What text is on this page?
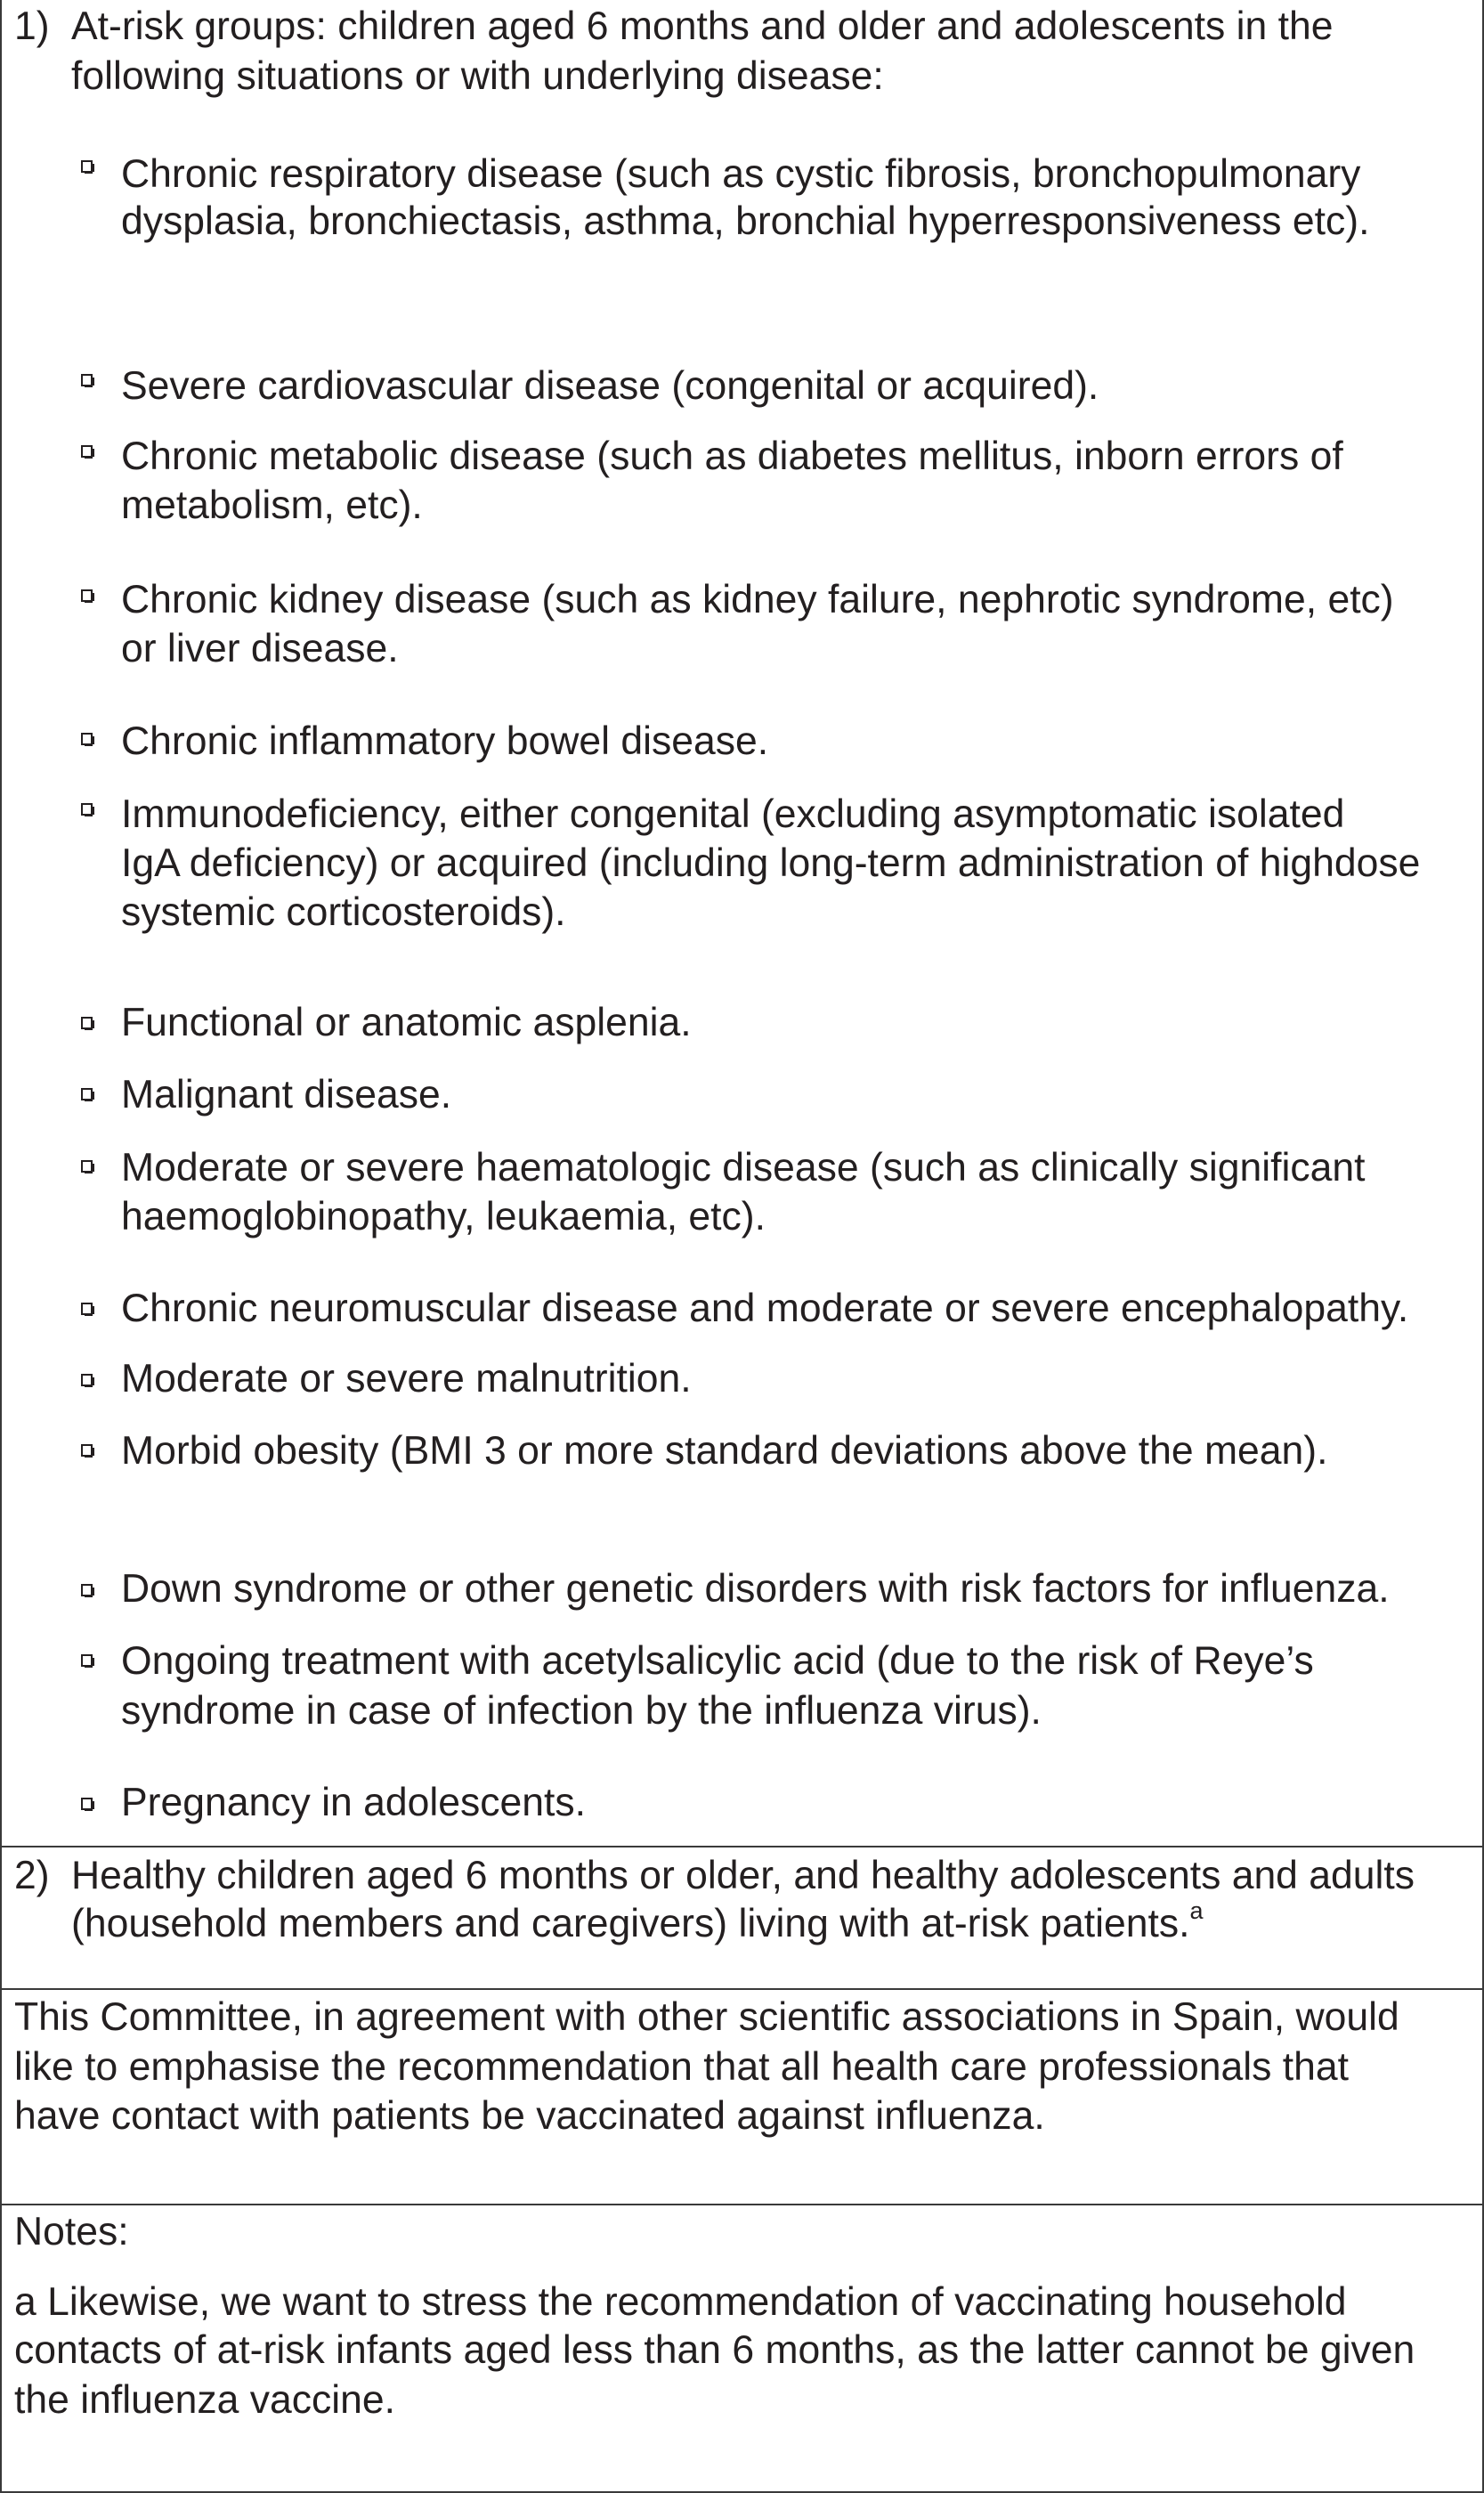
1) At-risk groups: children aged 6 months and older and adolescents in the

following situations or with underlying disease:

Chronic respiratory disease (such as cystic fibrosis, bronchopulmonary

dysplasia, bronchiectasis, asthma, bronchial hyperresponsiveness etc).

Severe cardiovascular disease (congenital or acquired).

Chronic metabolic disease (such as diabetes mellitus, inborn errors of

metabolism, etc).

Chronic kidney disease (such as kidney failure, nephrotic syndrome, etc)

or liver disease.

Chronic inflammatory bowel disease.

Immunodeficiency, either congenital (excluding asymptomatic isolated

IgA deficiency) or acquired (including long-term administration of highdose

systemic corticosteroids).

Functional or anatomic asplenia.

Malignant disease.

Moderate or severe haematologic disease (such as clinically significant

haemoglobinopathy, leukaemia, etc).

Chronic neuromuscular disease and moderate or severe encephalopathy.

Moderate or severe malnutrition.

Morbid obesity (BMI 3 or more standard deviations above the mean).

Down syndrome or other genetic disorders with risk factors for influenza.

Ongoing treatment with acetylsalicylic acid (due to the risk of Reye’s

syndrome in case of infection by the influenza virus).

Pregnancy in adolescents.

2) Healthy children aged 6 months or older, and healthy adolescents and adults

(household members and caregivers) living with at-risk patients.$^a$

This Committee, in agreement with other scientific associations in Spain, would

like to emphasise the recommendation that all health care professionals that

have contact with patients be vaccinated against influenza.

Notes:

a Likewise, we want to stress the recommendation of vaccinating household

contacts of at-risk infants aged less than 6 months, as the latter cannot be given

the influenza vaccine.
